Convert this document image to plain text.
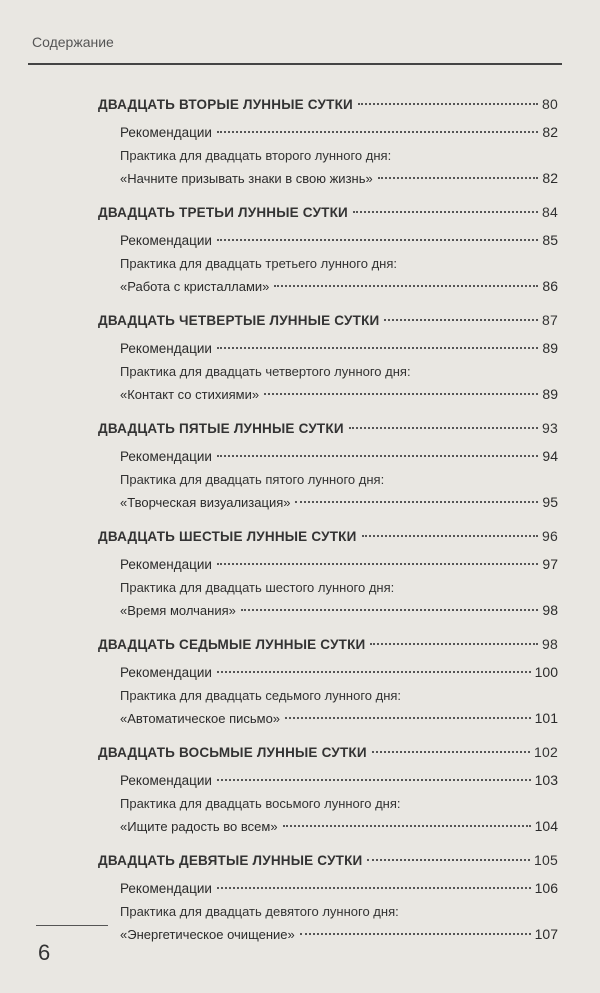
Содержание
ДВАДЦАТЬ ВТОРЫЕ ЛУННЫЕ СУТКИ	80
Рекомендации	82
Практика для двадцать второго лунного дня:
«Начните призывать знаки в свою жизнь»	82
ДВАДЦАТЬ ТРЕТЬИ ЛУННЫЕ СУТКИ	84
Рекомендации	85
Практика для двадцать третьего лунного дня:
«Работа с кристаллами»	86
ДВАДЦАТЬ ЧЕТВЕРТЫЕ ЛУННЫЕ СУТКИ	87
Рекомендации	89
Практика для двадцать четвертого лунного дня:
«Контакт со стихиями»	89
ДВАДЦАТЬ ПЯТЫЕ ЛУННЫЕ СУТКИ	93
Рекомендации	94
Практика для двадцать пятого лунного дня:
«Творческая визуализация»	95
ДВАДЦАТЬ ШЕСТЫЕ ЛУННЫЕ СУТКИ	96
Рекомендации	97
Практика для двадцать шестого лунного дня:
«Время молчания»	98
ДВАДЦАТЬ СЕДЬМЫЕ ЛУННЫЕ СУТКИ	98
Рекомендации	100
Практика для двадцать седьмого лунного дня:
«Автоматическое письмо»	101
ДВАДЦАТЬ ВОСЬМЫЕ ЛУННЫЕ СУТКИ	102
Рекомендации	103
Практика для двадцать восьмого лунного дня:
«Ищите радость во всем»	104
ДВАДЦАТЬ ДЕВЯТЫЕ ЛУННЫЕ СУТКИ	105
Рекомендации	106
Практика для двадцать девятого лунного дня:
«Энергетическое очищение»	107
6
